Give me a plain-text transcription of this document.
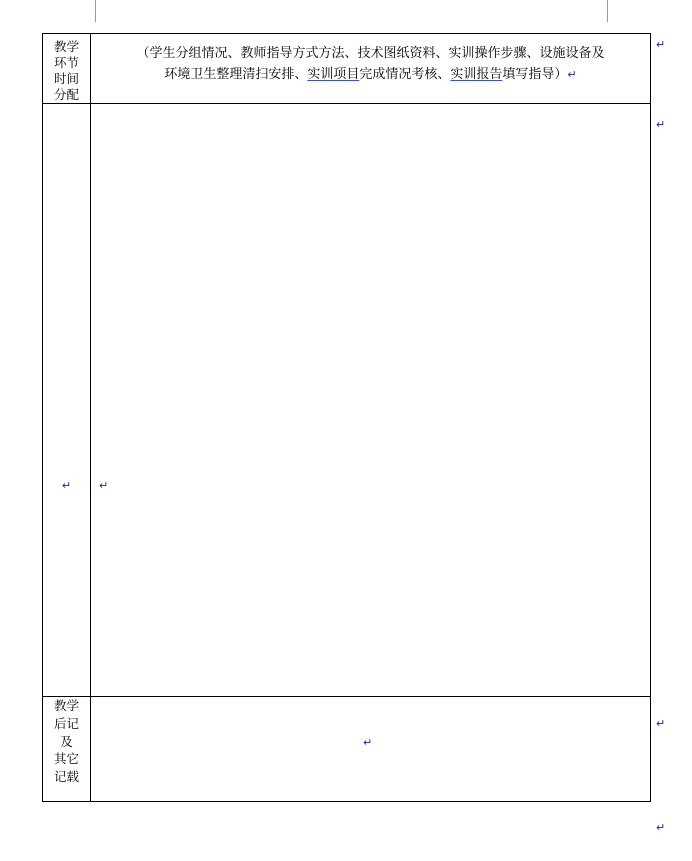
教学
环节
时间
分配	（学生分组情况、教师指导方式方法、技术图纸资料、实训操作步骤、设施设备及
环境卫生整理清扫安排、实训项目完成情况考核、实训报告填写指导）↵

↵	↵

教学
后记
及
其它
记载	↵
↵
↵
↵
↵
